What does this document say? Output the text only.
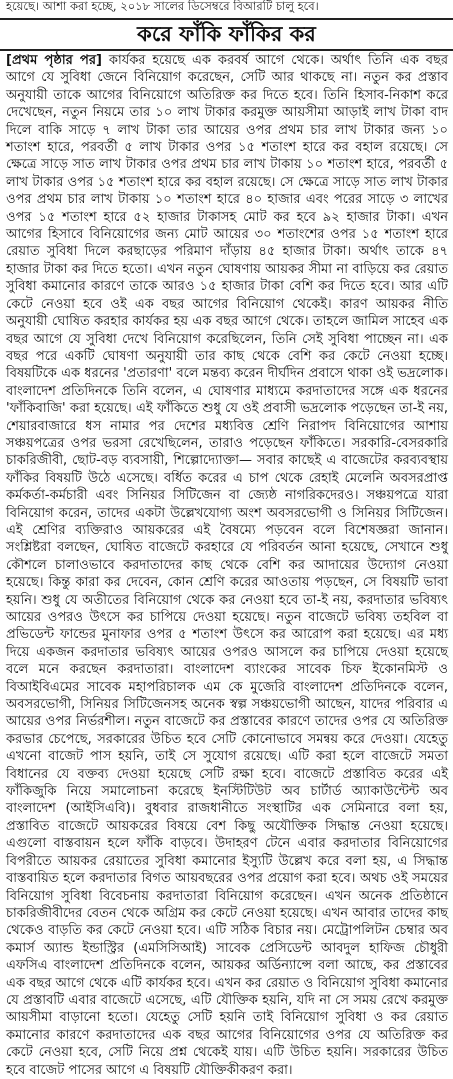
হয়েছে। আশা করা হচ্ছে, ২০১৮ সালের ডিসেম্বরে বিআরটি চালু হবে।
করে ফাঁকি ফাঁকির কর

[প্রথম পৃষ্ঠার পর] কার্যকর হয়েছে এক করবর্ষ আগে থেকে। অর্থাৎ তিনি এক বছর আগে যে সুবিধা জেনে বিনিয়োগ করেছেন, সেটি আর থাকছে না। নতুন কর প্রস্তাব অনুযায়ী তাকে আগের বিনিয়োগে অতিরিক্ত কর দিতে হবে। তিনি হিসাব-নিকাশ করে দেখেছেন, নতুন নিয়মে তার ১০ লাখ টাকার করমুক্ত আয়সীমা আড়াই লাখ টাকা বাদ দিলে বাকি সাড়ে ৭ লাখ টাকা তার আয়ের ওপর প্রথম চার লাখ টাকার জন্য ১০ শতাংশ হারে, পরবর্তী ৫ লাখ টাকার ওপর ১৫ শতাংশ হারে কর বহাল রয়েছে। সে ক্ষেত্রে সাড়ে সাত লাখ টাকার ওপর প্রথম চার লাখ টাকায় ১০ শতাংশ হারে, পরবর্তী ৫ লাখ টাকার ওপর ১৫ শতাংশ হারে কর বহাল রয়েছে। সে ক্ষেত্রে সাড়ে সাত লাখ টাকার ওপর প্রথম চার লাখ টাকায় ১০ শতাংশ হারে ৪০ হাজার এবং পরের সাড়ে ৩ লাখের ওপর ১৫ শতাংশ হারে ৫২ হাজার টাকাসহ মোট কর হবে ৯২ হাজার টাকা। এখন আগের হিসাবে বিনিয়োগের জন্য মোট আয়ের ৩০ শতাংশের ওপর ১৫ শতাংশ হারে রেয়াত সুবিধা দিলে করছাড়ের পরিমাণ দাঁড়ায় ৪৫ হাজার টাকা। অর্থাৎ তাকে ৪৭ হাজার টাকা কর দিতে হতো। এখন নতুন ঘোষণায় আয়কর সীমা না বাড়িয়ে কর রেয়াত সুবিধা কমানোর কারণে তাকে আরও ১৫ হাজার টাকা বেশি কর দিতে হবে। আর এটি কেটে নেওয়া হবে ওই এক বছর আগের বিনিয়োগ থেকেই। কারণ আয়কর নীতি অনুযায়ী ঘোষিত করহার কার্যকর হয় এক বছর আগে থেকে। তাহলে জামিল সাহেব এক বছর আগে যে সুবিধা দেখে বিনিয়োগ করেছিলেন, তিনি সেই সুবিধা পাচ্ছেন না। এক বছর পরে একটি ঘোষণা অনুযায়ী তার কাছ থেকে বেশি কর কেটে নেওয়া হচ্ছে। বিষয়টিকে এক ধরনের 'প্রতারণা' বলে মন্তব্য করেন দীর্ঘদিন প্রবাসে থাকা ওই ভদ্রলোক। বাংলাদেশ প্রতিদিনকে তিনি বলেন, এ ঘোষণার মাধ্যমে করদাতাদের সঙ্গে এক ধরনের 'ফাঁকিবাজি' করা হয়েছে। এই ফাঁকিতে শুধু যে ওই প্রবাসী ভদ্রলোক পড়েছেন তা-ই নয়, শেয়ারবাজারে ধস নামার পর দেশের মধ্যবিত্ত শ্রেণি নিরাপদ বিনিয়োগের আশায় সঞ্চয়পত্রের ওপর ভরসা রেখেছিলেন, তারাও পড়েছেন ফাঁকিতে। সরকারি-বেসরকারি চাকরিজীবী, ছোট-বড় ব্যবসায়ী, শিল্পোদ্যোক্তা— সবার কাছেই এ বাজেটের করব্যবস্থায় ফাঁকির বিষয়টি উঠে এসেছে। বর্ধিত করের এ চাপ থেকে রেহাই মেলেনি অবসরপ্রাপ্ত কর্মকর্তা-কর্মচারী এবং সিনিয়র সিটিজেন বা জ্যেষ্ঠ নাগরিকদেরও। সঞ্চয়পত্রে যারা বিনিয়োগ করেন, তাদের একটা উল্লেখযোগ্য অংশ অবসরভোগী ও সিনিয়র সিটিজেন। এই শ্রেণির ব্যক্তিরাও আয়করের এই বৈষম্যে পড়বেন বলে বিশেষজ্ঞরা জানান। সংশ্লিষ্টরা বলছেন, ঘোষিত বাজেটে করহারে যে পরিবর্তন আনা হয়েছে, সেখানে শুধু কৌশলে চালাওভাবে করদাতাদের কাছ থেকে বেশি কর আদায়ের উদ্যোগ নেওয়া হয়েছে। কিন্তু কারা কর দেবেন, কোন শ্রেণি করের আওতায় পড়ছেন, সে বিষয়টি ভাবা হয়নি। শুধু যে অতীতের বিনিয়োগ থেকে কর নেওয়া হবে তা-ই নয়, করদাতার ভবিষ্যৎ আয়ের ওপরও উৎসে কর চাপিয়ে দেওয়া হয়েছে। নতুন বাজেটে ভবিষ্য তহবিল বা প্রভিডেন্ট ফান্ডের মুনাফার ওপর ৫ শতাংশ উৎসে কর আরোপ করা হয়েছে। এর মধ্য দিয়ে একজন করদাতার ভবিষ্যৎ আয়ের ওপরও আসলে কর চাপিয়ে দেওয়া হয়েছে বলে মনে করছেন করদাতারা। বাংলাদেশ ব্যাংকের সাবেক চিফ ইকোনমিস্ট ও বিআইবিএমের সাবেক মহাপরিচালক এম কে মুজেরি বাংলাদেশ প্রতিদিনকে বলেন, অবসরভোগী, সিনিয়র সিটিজেনসহ অনেক স্বল্প সঞ্চয়ভোগী আছেন, যাদের পরিবার এ আয়ের ওপর নির্ভরশীল। নতুন বাজেটে কর প্রস্তাবের কারণে তাদের ওপর যে অতিরিক্ত করভার চেপেছে, সরকারের উচিত হবে সেটি কোনোভাবে সমন্বয় করে দেওয়া। যেহেতু এখনো বাজেট পাস হয়নি, তাই সে সুযোগ রয়েছে। এটি করা হলে বাজেটে সমতা বিধানের যে বক্তব্য দেওয়া হয়েছে সেটি রক্ষা হবে। বাজেটে প্রস্তাবিত করের এই ফাঁকিজুকি নিয়ে সমালোচনা করেছে ইনস্টিটিউট অব চার্টার্ড অ্যাকাউন্টেন্ট অব বাংলাদেশ (আইসিএবি)। বুধবার রাজধানীতে সংস্থাটির এক সেমিনারে বলা হয়, প্রস্তাবিত বাজেটে আয়করের বিষয়ে বেশ কিছু অযৌক্তিক সিদ্ধান্ত নেওয়া হয়েছে। এগুলো বাস্তবায়ন হলে ফাঁকি বাড়বে। উদাহরণ টেনে এবার করদাতার বিনিয়োগের বিপরীতে আয়কর রেয়াতের সুবিধা কমানোর ইস্যুটি উল্লেখ করে বলা হয়, এ সিদ্ধান্ত বাস্তবায়িত হলে করদাতার বিগত আয়বছরের ওপর প্রয়োগ করা হবে। অথচ ওই সময়ের বিনিয়োগ সুবিধা বিবেচনায় করদাতারা বিনিয়োগ করেছেন। এখন অনেক প্রতিষ্ঠানে চাকরিজীবীদের বেতন থেকে অগ্রিম কর কেটে নেওয়া হয়েছে। এখন আবার তাদের কাছ থেকেও বাড়তি কর কেটে নেওয়া হবে। এটি সঠিক বিচার নয়। মেট্রোপলিটন চেম্বার অব কমার্স অ্যান্ড ইন্ডাস্ট্রির (এমসিসিআই) সাবেক প্রেসিডেন্ট আবদুল হাফিজ চৌধুরী এফসিএ বাংলাদেশ প্রতিদিনকে বলেন, আয়কর অর্ডিন্যান্সে বলা আছে, কর প্রস্তাবের এক বছর আগে থেকে এটি কার্যকর হবে। এখন কর রেয়াত ও বিনিয়োগ সুবিধা কমানোর যে প্রস্তাবটি এবার বাজেটে এসেছে, এটি যৌক্তিক হয়নি, যদি না সে সময় রেখে করমুক্ত আয়সীমা বাড়ানো হতো। যেহেতু সেটি হয়নি তাই বিনিয়োগ সুবিধা ও কর রেয়াত কমানোর কারণে করদাতাদের এক বছর আগের বিনিয়োগের ওপর যে অতিরিক্ত কর কেটে নেওয়া হবে, সেটি নিয়ে প্রশ্ন থেকেই যায়। এটি উচিত হয়নি। সরকারের উচিত হবে বাজেট পাসের আগে এ বিষয়টি যৌক্তিকীকরণ করা।
